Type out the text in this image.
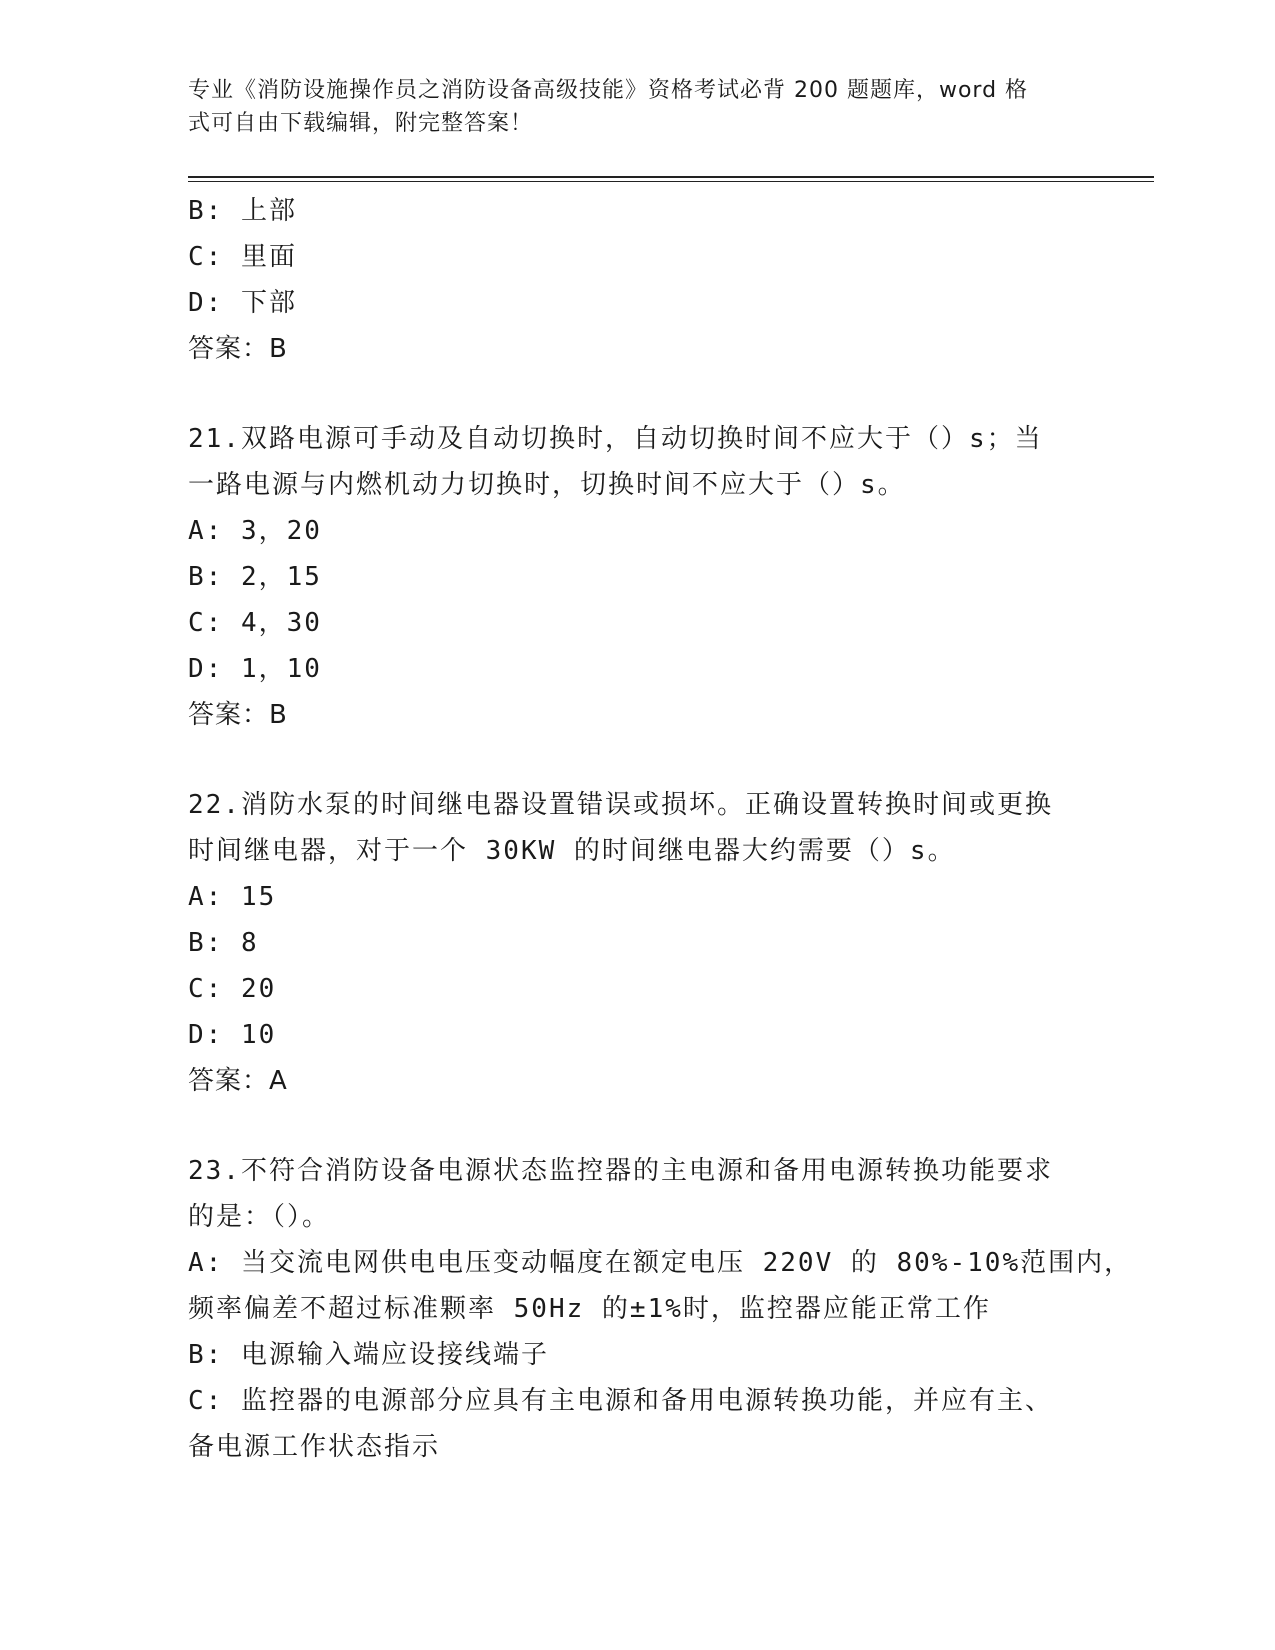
专业《消防设施操作员之消防设备高级技能》资格考试必背 200 题题库，word 格
式可自由下载编辑，附完整答案！
B: 上部
C: 里面
D: 下部
答案：B
21.双路电源可手动及自动切换时，自动切换时间不应大于（）s；当
一路电源与内燃机动力切换时，切换时间不应大于（）s。
A: 3，20
B: 2，15
C: 4，30
D: 1，10
答案：B
22.消防水泵的时间继电器设置错误或损坏。正确设置转换时间或更换
时间继电器，对于一个 30KW 的时间继电器大约需要（）s。
A: 15
B: 8
C: 20
D: 10
答案：A
23.不符合消防设备电源状态监控器的主电源和备用电源转换功能要求
的是：（）。
A: 当交流电网供电电压变动幅度在额定电压 220V 的 80%-10%范围内，
频率偏差不超过标准颗率 50Hz 的±1%时，监控器应能正常工作
B: 电源输入端应设接线端子
C: 监控器的电源部分应具有主电源和备用电源转换功能，并应有主、
备电源工作状态指示
